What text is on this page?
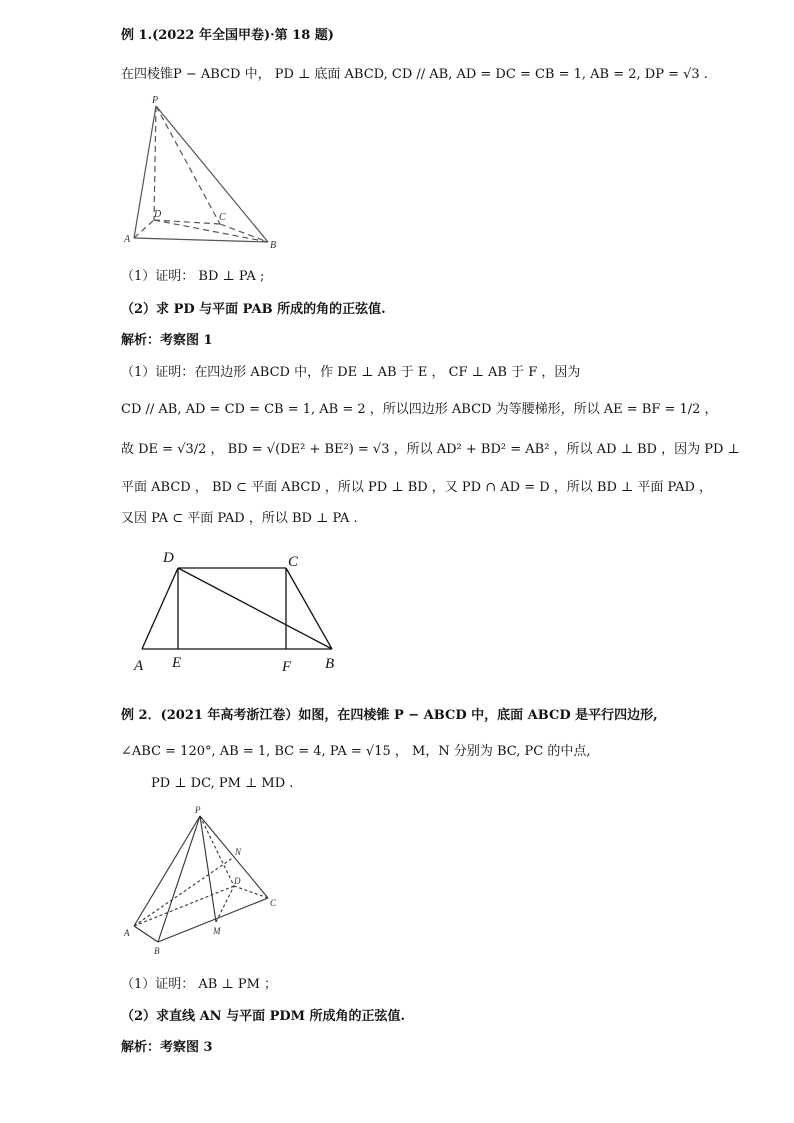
例 1.(2022 年全国甲卷)·第 18 题)
在四棱锥P − ABCD 中， PD ⊥ 底面 ABCD, CD // AB, AD = DC = CB = 1, AB = 2, DP = √3 .
P
D	C
A
B
（1）证明： BD ⊥ PA ;
（2）求 PD 与平面 PAB 所成的角的正弦值.
解析：考察图 1
（1）证明：在四边形 ABCD 中，作 DE ⊥ AB 于 E ， CF ⊥ AB 于 F ，因为
CD // AB, AD = CD = CB = 1, AB = 2 ，所以四边形 ABCD 为等腰梯形，所以 AE = BF = 1/2 ，
故 DE = √3/2 ， BD = √(DE² + BE²) = √3 ，所以 AD² + BD² = AB² ，所以 AD ⊥ BD ，因为 PD ⊥
平面 ABCD ， BD ⊂ 平面 ABCD ，所以 PD ⊥ BD ，又 PD ∩ AD = D ，所以 BD ⊥ 平面 PAD ，
又因 PA ⊂ 平面 PAD ，所以 BD ⊥ PA .
D	C
A E	F B
例 2．(2021 年高考浙江卷）如图，在四棱锥 P − ABCD 中，底面 ABCD 是平行四边形,
∠ABC = 120°, AB = 1, BC = 4, PA = √15 ， M，N 分别为 BC, PC 的中点,
PD ⊥ DC, PM ⊥ MD .
P
N
D
C
A
B
M
（1）证明： AB ⊥ PM ；
（2）求直线 AN 与平面 PDM 所成角的正弦值.
解析：考察图 3
